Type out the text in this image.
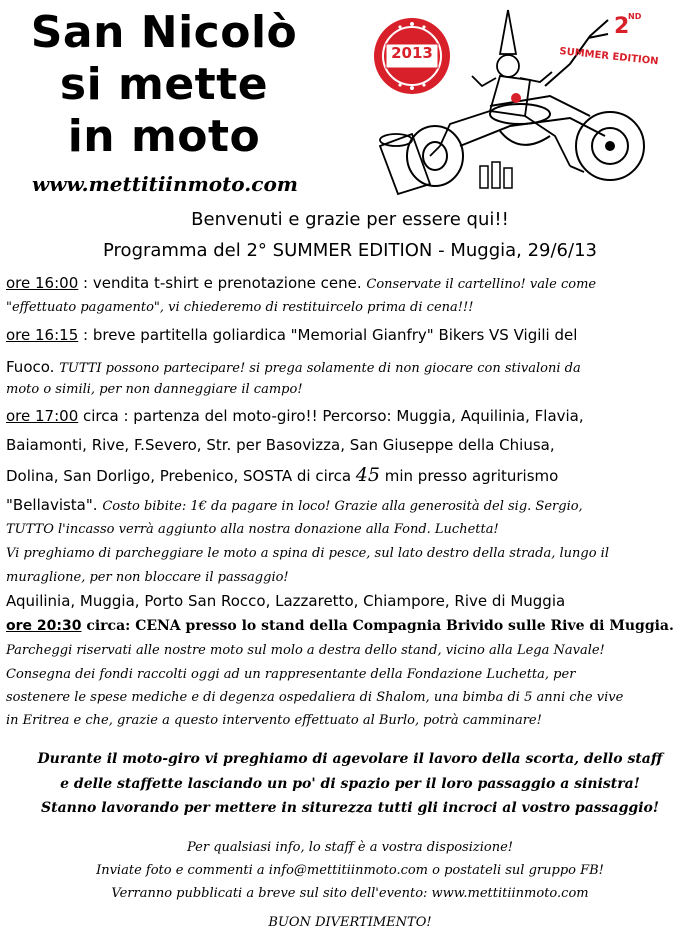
San Nicolò
si mette
in moto
www.mettitiinmoto.com
2013
2
ND
SUMMER EDITION
Benvenuti e grazie per essere qui!!
Programma del 2° SUMMER EDITION - Muggia, 29/6/13
ore 16:00 : vendita t-shirt e prenotazione cene. Conservate il cartellino! vale come
"effettuato pagamento", vi chiederemo di restituircelo prima di cena!!!
ore 16:15 : breve partitella goliardica "Memorial Gianfry" Bikers VS Vigili del
Fuoco. TUTTI possono partecipare! si prega solamente di non giocare con stivaloni da
moto o simili, per non danneggiare il campo!
ore 17:00 circa : partenza del moto-giro!! Percorso: Muggia, Aquilinia, Flavia,
Baiamonti, Rive, F.Severo, Str. per Basovizza, San Giuseppe della Chiusa,
Dolina, San Dorligo, Prebenico, SOSTA di circa 45 min presso agriturismo
"Bellavista". Costo bibite: 1€ da pagare in loco! Grazie alla generosità del sig. Sergio,
TUTTO l'incasso verrà aggiunto alla nostra donazione alla Fond. Luchetta!
Vi preghiamo di parcheggiare le moto a spina di pesce, sul lato destro della strada, lungo il
muraglione, per non bloccare il passaggio!
Aquilinia, Muggia, Porto San Rocco, Lazzaretto, Chiampore, Rive di Muggia
ore 20:30 circa: CENA presso lo stand della Compagnia Brivido sulle Rive di Muggia.
Parcheggi riservati alle nostre moto sul molo a destra dello stand, vicino alla Lega Navale!
Consegna dei fondi raccolti oggi ad un rappresentante della Fondazione Luchetta, per
sostenere le spese mediche e di degenza ospedaliera di Shalom, una bimba di 5 anni che vive
in Eritrea e che, grazie a questo intervento effettuato al Burlo, potrà camminare!
Durante il moto-giro vi preghiamo di agevolare il lavoro della scorta, dello staff
e delle staffette lasciando un po' di spazio per il loro passaggio a sinistra!
Stanno lavorando per mettere in siturezza tutti gli incroci al vostro passaggio!
Per qualsiasi info, lo staff è a vostra disposizione!
Inviate foto e commenti a info@mettitiinmoto.com o postateli sul gruppo FB!
Verranno pubblicati a breve sul sito dell'evento: www.mettitiinmoto.com
BUON DIVERTIMENTO!
